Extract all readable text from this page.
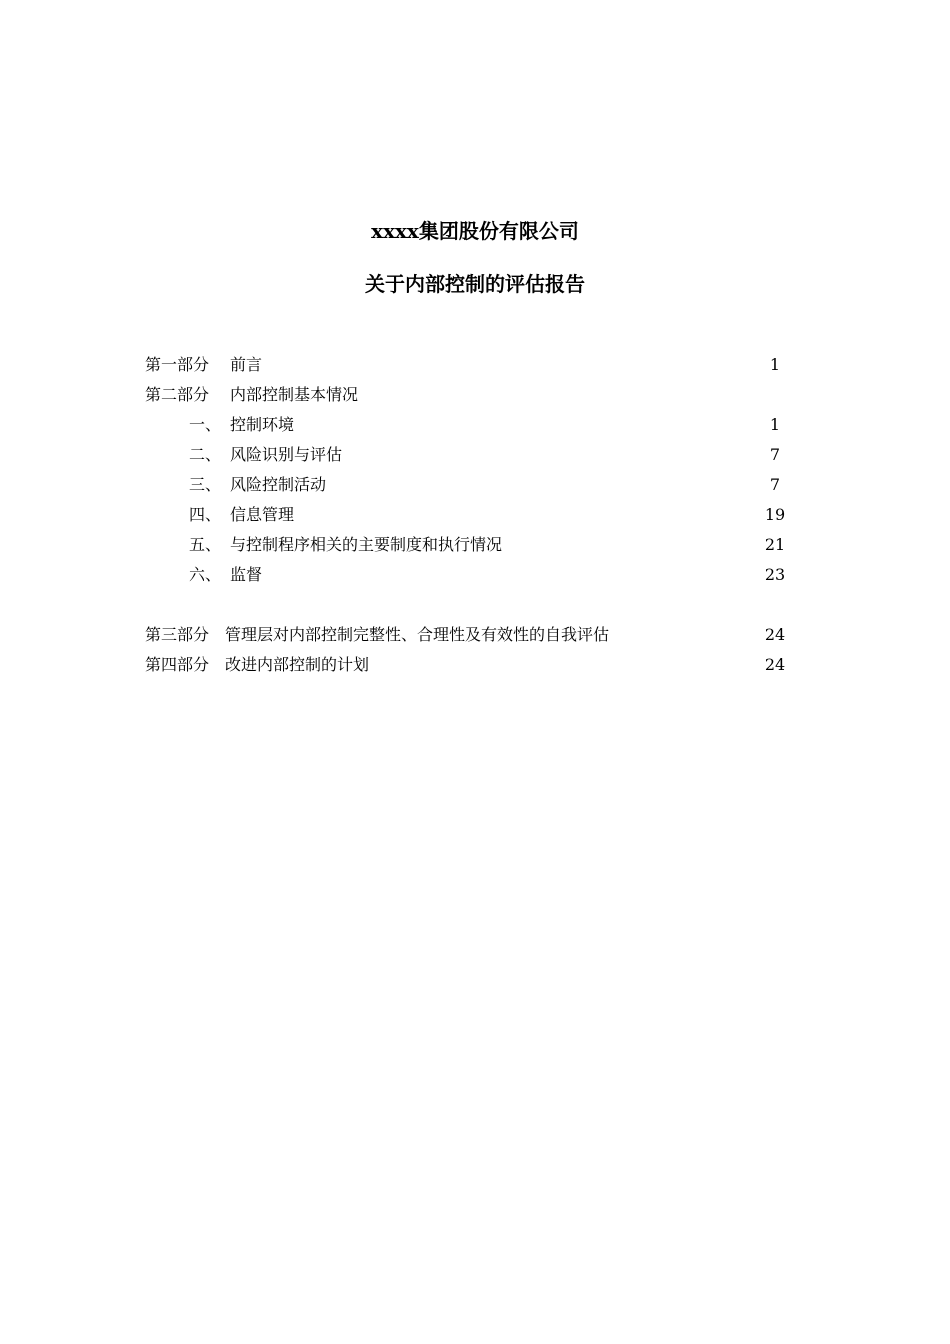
xxxx集团股份有限公司
关于内部控制的评估报告
第一部分 前言	1
第二部分 内部控制基本情况
一、 控制环境	1
二、 风险识别与评估	7
三、 风险控制活动	7
四、 信息管理	19
五、 与控制程序相关的主要制度和执行情况	21
六、 监督	23
第三部分 管理层对内部控制完整性、合理性及有效性的自我评估	24
第四部分 改进内部控制的计划	24
